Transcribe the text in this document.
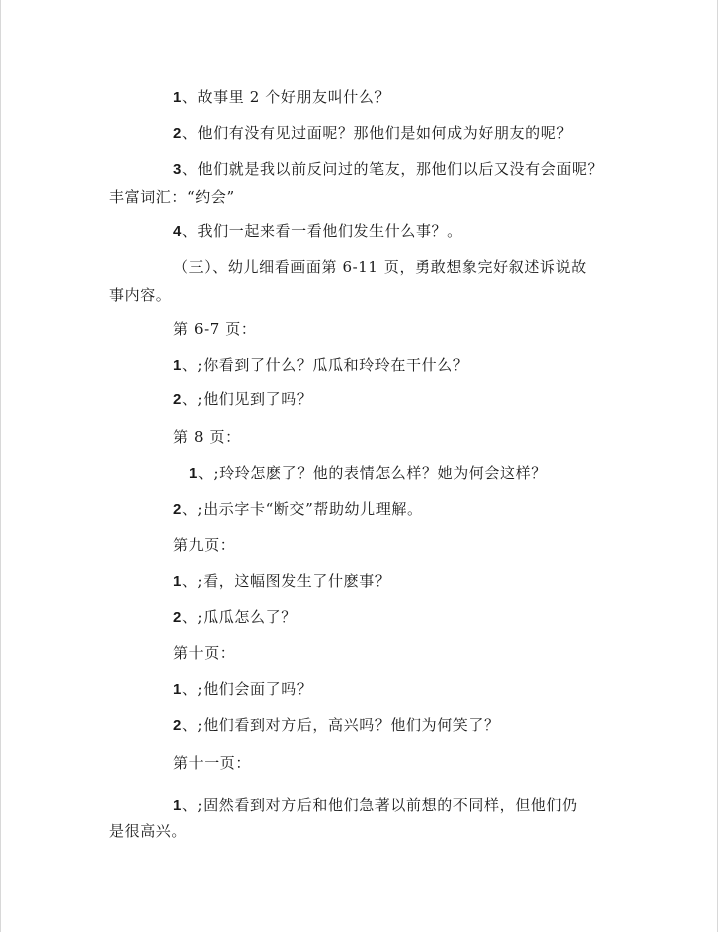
1、故事里 2 个好朋友叫什么？
2、他们有没有见过面呢？那他们是如何成为好朋友的呢？
3、他们就是我以前反问过的笔友，那他们以后又没有会面呢？
丰富词汇：“约会”
4、我们一起来看一看他们发生什么事？。
（三）、幼儿细看画面第 6-11 页，勇敢想象完好叙述诉说故
事内容。
第 6-7 页：
1、;你看到了什么？瓜瓜和玲玲在干什么？
2、;他们见到了吗？
第 8 页：
1、;玲玲怎麽了？他的表情怎么样？她为何会这样？
2、;出示字卡“断交”帮助幼儿理解。
第九页：
1、;看，这幅图发生了什麽事？
2、;瓜瓜怎么了？
第十页：
1、;他们会面了吗？
2、;他们看到对方后，高兴吗？他们为何笑了？
第十一页：
1、;固然看到对方后和他们急著以前想的不同样，但他们仍
是很高兴。
